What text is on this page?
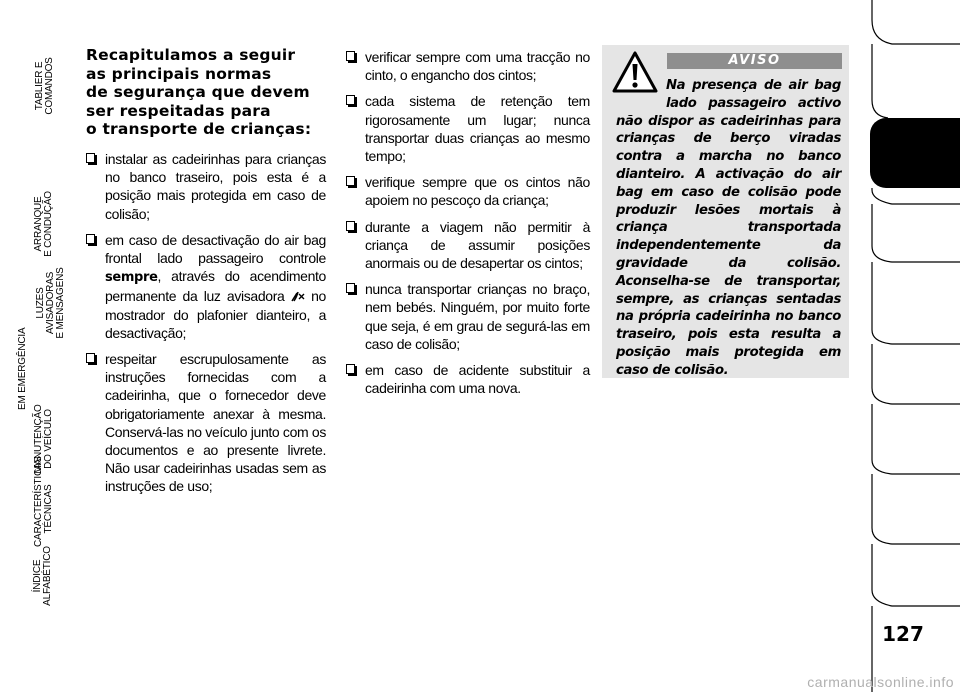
Recapitulamos a seguir
as principais normas
de segurança que devem
ser respeitadas para
o transporte de crianças:
instalar as cadeirinhas para crianças no banco traseiro, pois esta é a posição mais protegida em caso de colisão;
em caso de desactivação do air bag frontal lado passageiro controle sempre, através do acendimento permanente da luz avisadora  no mostrador do plafonier dianteiro, a desactivação;
respeitar escrupulosamente as instruções fornecidas com a cadeirinha, que o fornecedor deve obrigatoriamente anexar à mesma. Conservá-las no veículo junto com os documentos e ao presente livrete. Não usar cadeirinhas usadas sem as instruções de uso;
verificar sempre com uma tracção no cinto, o engancho dos cintos;
cada sistema de retenção tem rigorosamente um lugar; nunca transportar duas crianças ao mesmo tempo;
verifique sempre que os cintos não apoiem no pescoço da criança;
durante a viagem não permitir à criança de assumir posições anormais ou de desapertar os cintos;
nunca transportar crianças no braço, nem bebés. Ninguém, por muito forte que seja, é em grau de segurá-las em caso de colisão;
em caso de acidente substituir a cadeirinha com uma nova.
AVISO
Na presença de air bag lado passageiro activo não dispor as cadeirinhas para crianças de berço viradas contra a marcha no banco dianteiro. A activação do air bag em caso de colisão pode produzir lesões mortais à criança transportada independentemente da gravidade da colisão. Aconselha-se de transportar, sempre, as crianças sentadas na própria cadeirinha no banco traseiro, pois esta resulta a posição mais protegida em caso de colisão.
TABLIER E COMANDOS
SEGURANÇA
ARRANQUE E CONDUÇÃO
LUZES AVISADORAS E MENSAGENS
EM EMERGÊNCIA
MANUTENÇÃO DO VEÍCULO
CARACTERÍSTICAS TÉCNICAS
ÍNDICE ALFABÉTICO
127
carmanualsonline.info
